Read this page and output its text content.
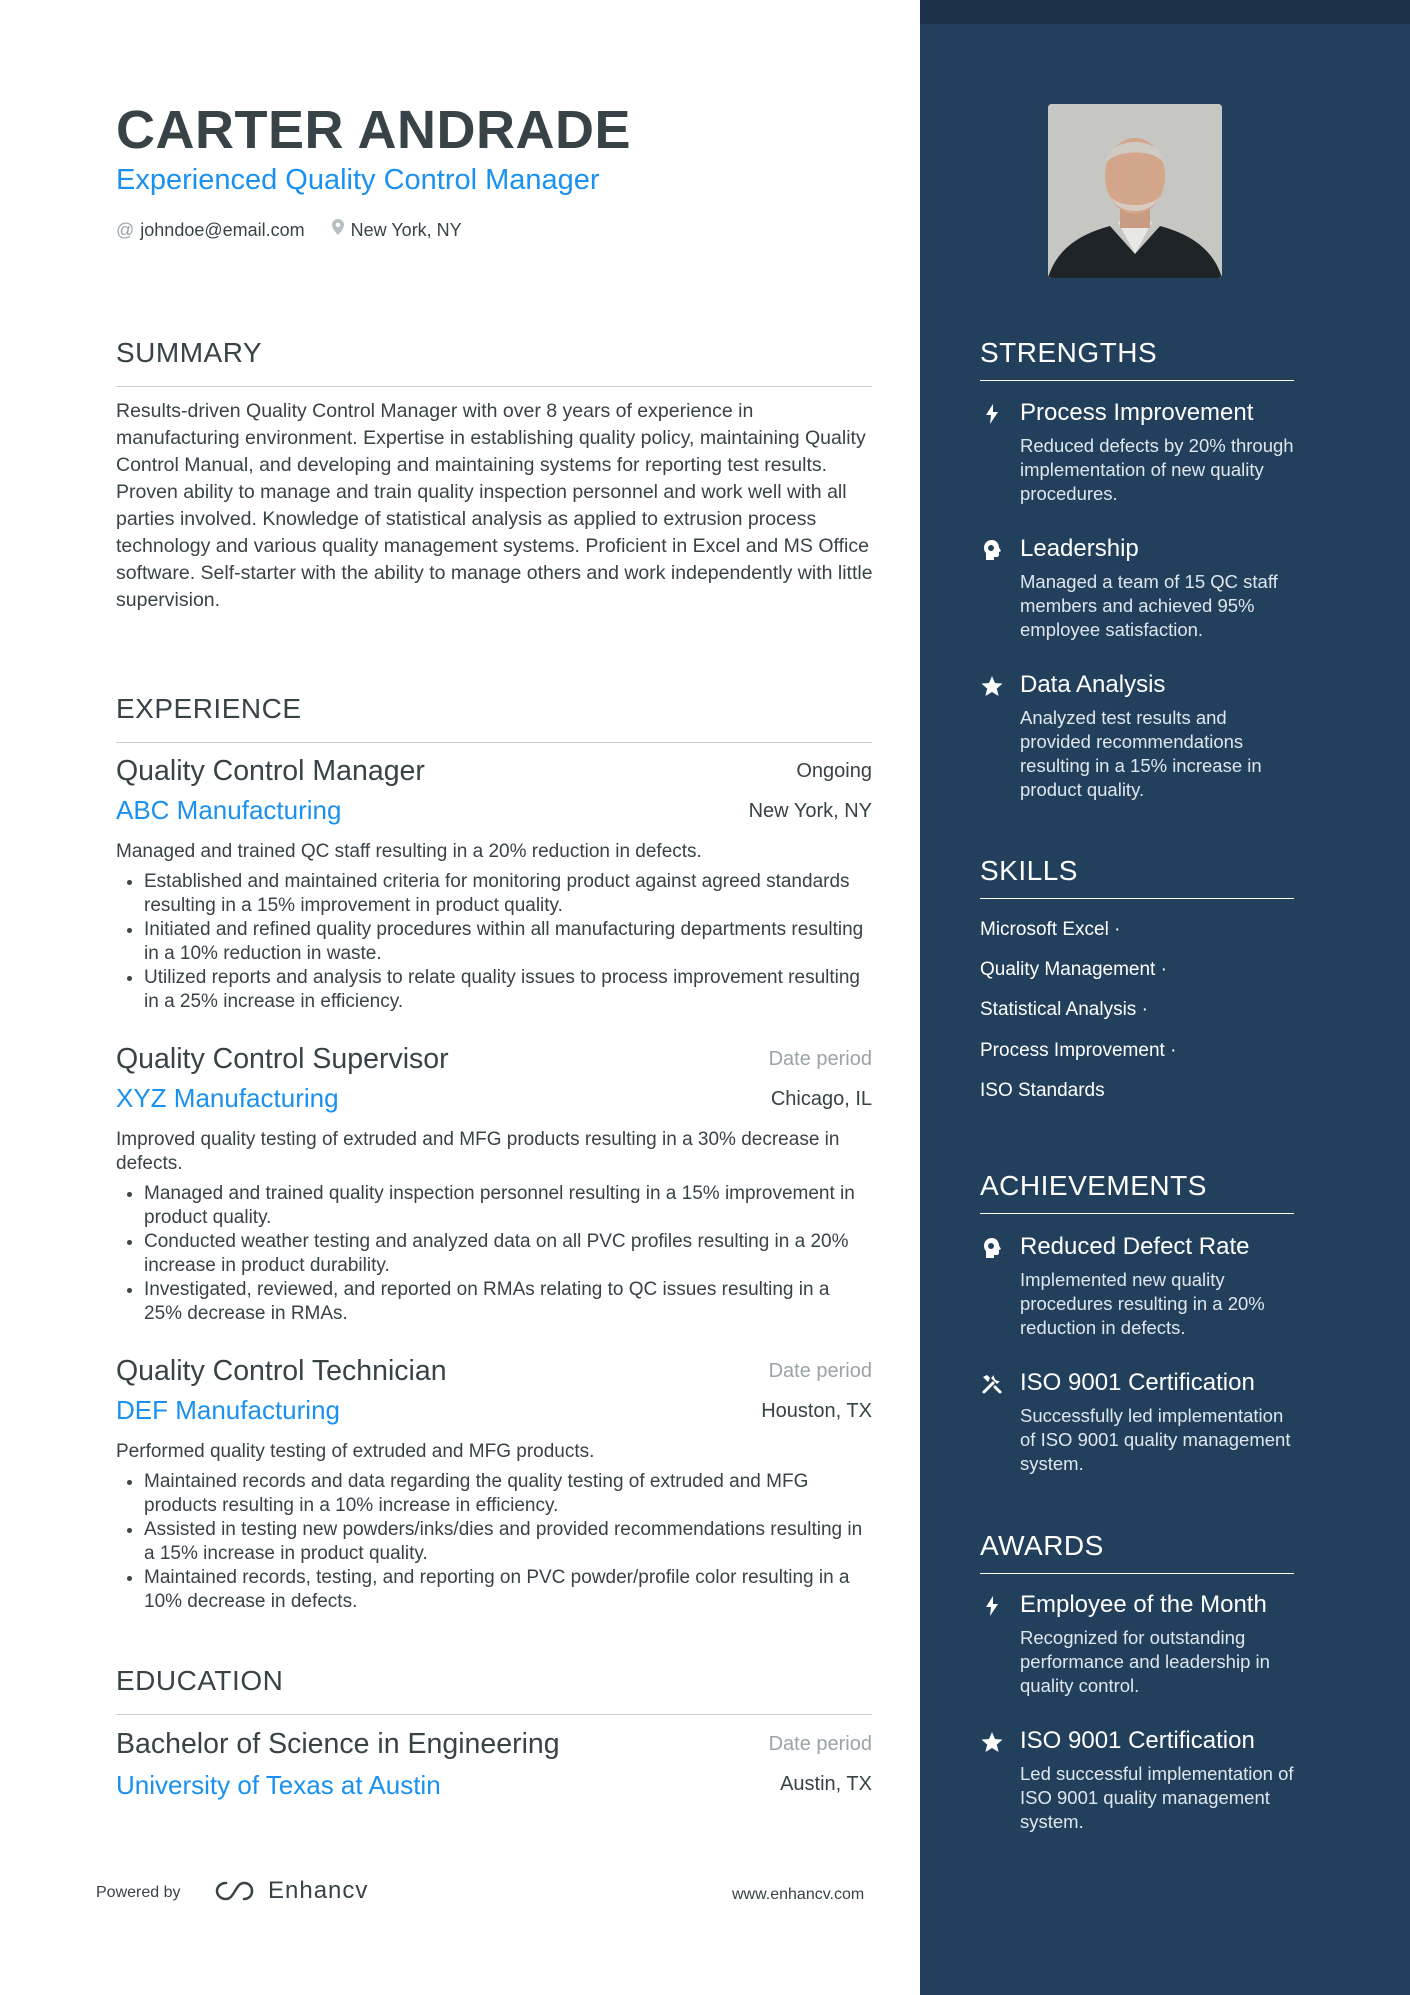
CARTER ANDRADE
Experienced Quality Control Manager
@ johndoe@email.com	New York, NY
SUMMARY
Results-driven Quality Control Manager with over 8 years of experience in manufacturing environment. Expertise in establishing quality policy, maintaining Quality Control Manual, and developing and maintaining systems for reporting test results. Proven ability to manage and train quality inspection personnel and work well with all parties involved. Knowledge of statistical analysis as applied to extrusion process technology and various quality management systems. Proficient in Excel and MS Office software. Self-starter with the ability to manage others and work independently with little supervision.
EXPERIENCE
Quality Control Manager	Ongoing
ABC Manufacturing	New York, NY
Managed and trained QC staff resulting in a 20% reduction in defects.
• Established and maintained criteria for monitoring product against agreed standards resulting in a 15% improvement in product quality.
• Initiated and refined quality procedures within all manufacturing departments resulting in a 10% reduction in waste.
• Utilized reports and analysis to relate quality issues to process improvement resulting in a 25% increase in efficiency.
Quality Control Supervisor	Date period
XYZ Manufacturing	Chicago, IL
Improved quality testing of extruded and MFG products resulting in a 30% decrease in defects.
• Managed and trained quality inspection personnel resulting in a 15% improvement in product quality.
• Conducted weather testing and analyzed data on all PVC profiles resulting in a 20% increase in product durability.
• Investigated, reviewed, and reported on RMAs relating to QC issues resulting in a 25% decrease in RMAs.
Quality Control Technician	Date period
DEF Manufacturing	Houston, TX
Performed quality testing of extruded and MFG products.
• Maintained records and data regarding the quality testing of extruded and MFG products resulting in a 10% increase in efficiency.
• Assisted in testing new powders/inks/dies and provided recommendations resulting in a 15% increase in product quality.
• Maintained records, testing, and reporting on PVC powder/profile color resulting in a 10% decrease in defects.
EDUCATION
Bachelor of Science in Engineering	Date period
University of Texas at Austin	Austin, TX
Powered by	Enhancv	www.enhancv.com
STRENGTHS
Process Improvement
Reduced defects by 20% through implementation of new quality procedures.
Leadership
Managed a team of 15 QC staff members and achieved 95% employee satisfaction.
Data Analysis
Analyzed test results and provided recommendations resulting in a 15% increase in product quality.
SKILLS
Microsoft Excel ·
Quality Management ·
Statistical Analysis ·
Process Improvement ·
ISO Standards
ACHIEVEMENTS
Reduced Defect Rate
Implemented new quality procedures resulting in a 20% reduction in defects.
ISO 9001 Certification
Successfully led implementation of ISO 9001 quality management system.
AWARDS
Employee of the Month
Recognized for outstanding performance and leadership in quality control.
ISO 9001 Certification
Led successful implementation of ISO 9001 quality management system.
